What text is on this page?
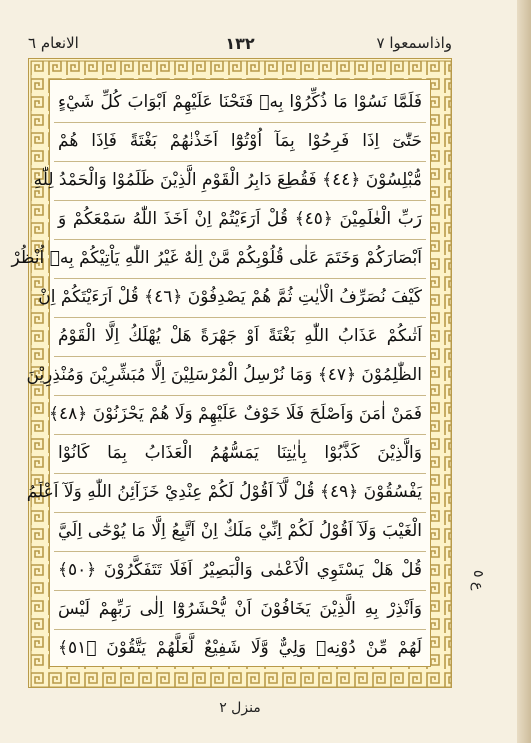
الانعام ٦	١٣٢	واذاسمعوا ٧
فَلَمَّا نَسُوْا مَا ذُكِّرُوْا بِهٖ فَتَحْنَا عَلَيْهِمْ اَبْوَابَ كُلِّ شَيْءٍ
حَتّٰىٓ اِذَا فَرِحُوْا بِمَآ اُوْتُوْٓا اَخَذْنٰهُمْ بَغْتَةً فَاِذَا هُمْ
مُّبْلِسُوْنَ ﴿٤٤﴾ فَقُطِعَ دَابِرُ الْقَوْمِ الَّذِيْنَ ظَلَمُوْا وَالْحَمْدُ لِلّٰهِ
رَبِّ الْعٰلَمِيْنَ ﴿٤٥﴾ قُلْ اَرَءَيْتُمْ اِنْ اَخَذَ اللّٰهُ سَمْعَكُمْ وَ
اَبْصَارَكُمْ وَخَتَمَ عَلٰى قُلُوْبِكُمْ مَّنْ اِلٰهٌ غَيْرُ اللّٰهِ يَاْتِيْكُمْ بِهٖ اُنْظُرْ
كَيْفَ نُصَرِّفُ الْاٰيٰتِ ثُمَّ هُمْ يَصْدِفُوْنَ ﴿٤٦﴾ قُلْ اَرَءَيْتَكُمْ اِنْ
اَتٰىكُمْ عَذَابُ اللّٰهِ بَغْتَةً اَوْ جَهْرَةً هَلْ يُهْلَكُ اِلَّا الْقَوْمُ
الظّٰلِمُوْنَ ﴿٤٧﴾ وَمَا نُرْسِلُ الْمُرْسَلِيْنَ اِلَّا مُبَشِّرِيْنَ وَمُنْذِرِيْنَ
فَمَنْ اٰمَنَ وَاَصْلَحَ فَلَا خَوْفٌ عَلَيْهِمْ وَلَا هُمْ يَحْزَنُوْنَ ﴿٤٨﴾
وَالَّذِيْنَ كَذَّبُوْا بِاٰيٰتِنَا يَمَسُّهُمُ الْعَذَابُ بِمَا كَانُوْا
يَفْسُقُوْنَ ﴿٤٩﴾ قُلْ لَّآ اَقُوْلُ لَكُمْ عِنْدِيْ خَزَآئِنُ اللّٰهِ وَلَآ اَعْلَمُ
الْغَيْبَ وَلَآ اَقُوْلُ لَكُمْ اِنِّيْ مَلَكٌ اِنْ اَتَّبِعُ اِلَّا مَا يُوْحٰٓى اِلَيَّ
قُلْ هَلْ يَسْتَوِي الْاَعْمٰى وَالْبَصِيْرُ اَفَلَا تَتَفَكَّرُوْنَ ﴿٥٠﴾
وَاَنْذِرْ بِهِ الَّذِيْنَ يَخَافُوْنَ اَنْ يُّحْشَرُوْٓا اِلٰى رَبِّهِمْ لَيْسَ
لَهُمْ مِّنْ دُوْنِهٖ وَلِيٌّ وَّلَا شَفِيْعٌ لَّعَلَّهُمْ يَتَّقُوْنَ ﴿٥١﴾
ع ٥
منزل ٢
